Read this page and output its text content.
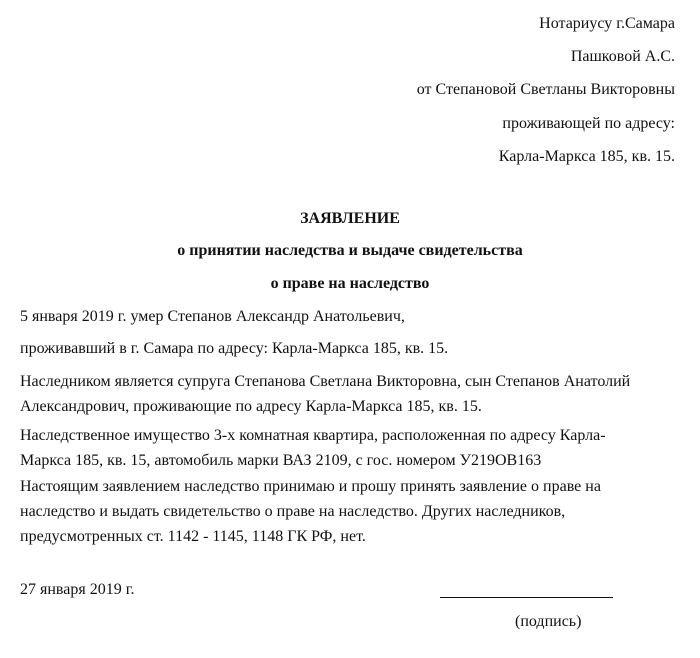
Нотариусу г.Самара
Пашковой А.С.
от Степановой Светланы Викторовны
проживающей по адресу:
Карла-Маркса 185, кв. 15.
ЗАЯВЛЕНИЕ
о принятии наследства и выдаче свидетельства
о праве на наследство
5 января 2019 г. умер Степанов Александр Анатольевич,
проживавший в г. Самара по адресу: Карла-Маркса 185, кв. 15.
Наследником является супруга Степанова Светлана Викторовна, сын Степанов Анатолий
Александрович, проживающие по адресу Карла-Маркса 185, кв. 15.
Наследственное имущество 3-х комнатная квартира, расположенная по адресу Карла-
Маркса 185, кв. 15, автомобиль марки ВАЗ 2109, с гос. номером У219ОВ163
Настоящим заявлением наследство принимаю и прошу принять заявление о праве на
наследство и выдать свидетельство о праве на наследство. Других наследников,
предусмотренных ст. 1142 - 1145, 1148 ГК РФ, нет.
27 января 2019 г.
(подпись)
